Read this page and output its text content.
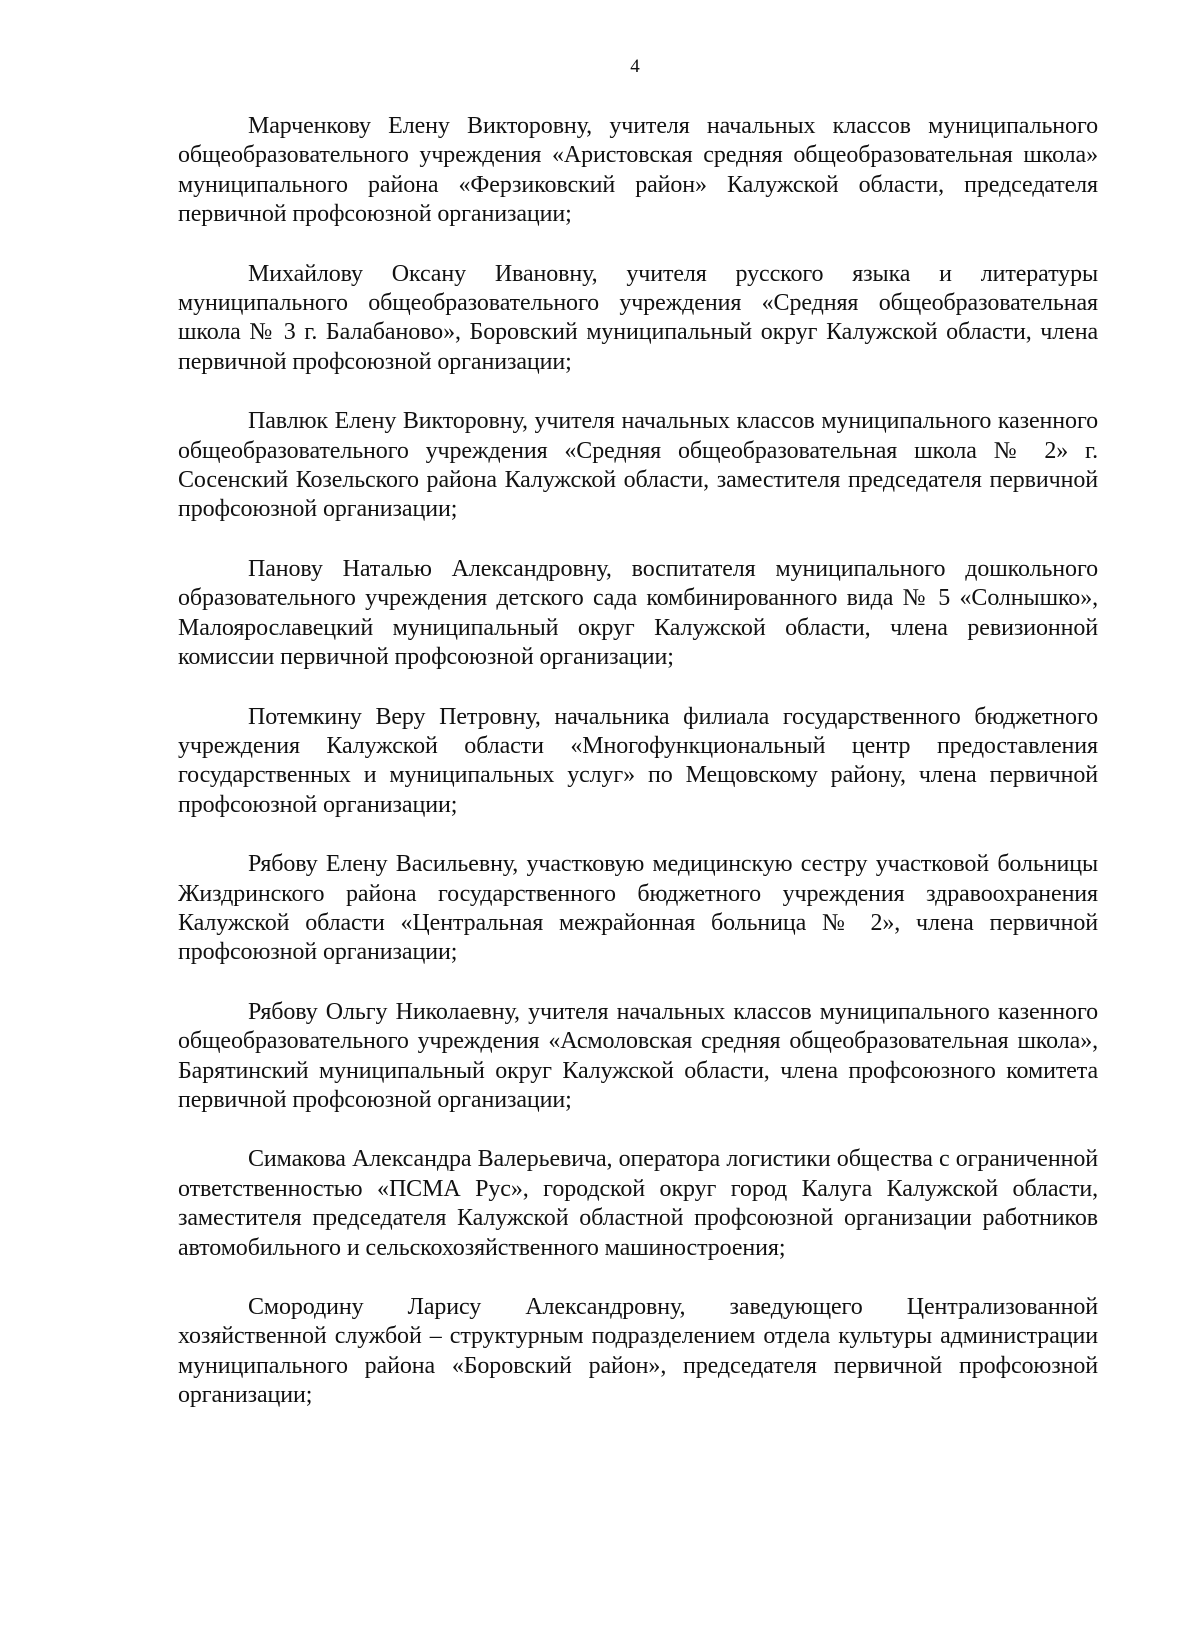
4

Марченкову Елену Викторовну, учителя начальных классов муниципального общеобразовательного учреждения «Аристовская средняя общеобразовательная школа» муниципального района «Ферзиковский район» Калужской области, председателя первичной профсоюзной организации;

Михайлову Оксану Ивановну, учителя русского языка и литературы муниципального общеобразовательного учреждения «Средняя общеобразовательная школа № 3 г. Балабаново», Боровский муниципальный округ Калужской области, члена первичной профсоюзной организации;

Павлюк Елену Викторовну, учителя начальных классов муниципального казенного общеобразовательного учреждения «Средняя общеобразовательная школа № 2» г. Сосенский Козельского района Калужской области, заместителя председателя первичной профсоюзной организации;

Панову Наталью Александровну, воспитателя муниципального дошкольного образовательного учреждения детского сада комбинированного вида № 5 «Солнышко», Малоярославецкий муниципальный округ Калужской области, члена ревизионной комиссии первичной профсоюзной организации;

Потемкину Веру Петровну, начальника филиала государственного бюджетного учреждения Калужской области «Многофункциональный центр предоставления государственных и муниципальных услуг» по Мещовскому району, члена первичной профсоюзной организации;

Рябову Елену Васильевну, участковую медицинскую сестру участковой больницы Жиздринского района государственного бюджетного учреждения здравоохранения Калужской области «Центральная межрайонная больница № 2», члена первичной профсоюзной организации;

Рябову Ольгу Николаевну, учителя начальных классов муниципального казенного общеобразовательного учреждения «Асмоловская средняя общеобразовательная школа», Барятинский муниципальный округ Калужской области, члена профсоюзного комитета первичной профсоюзной организации;

Симакова Александра Валерьевича, оператора логистики общества с ограниченной ответственностью «ПСМА Рус», городской округ город Калуга Калужской области, заместителя председателя Калужской областной профсоюзной организации работников автомобильного и сельскохозяйственного машиностроения;

Смородину Ларису Александровну, заведующего Централизованной хозяйственной службой – структурным подразделением отдела культуры администрации муниципального района «Боровский район», председателя первичной профсоюзной организации;
